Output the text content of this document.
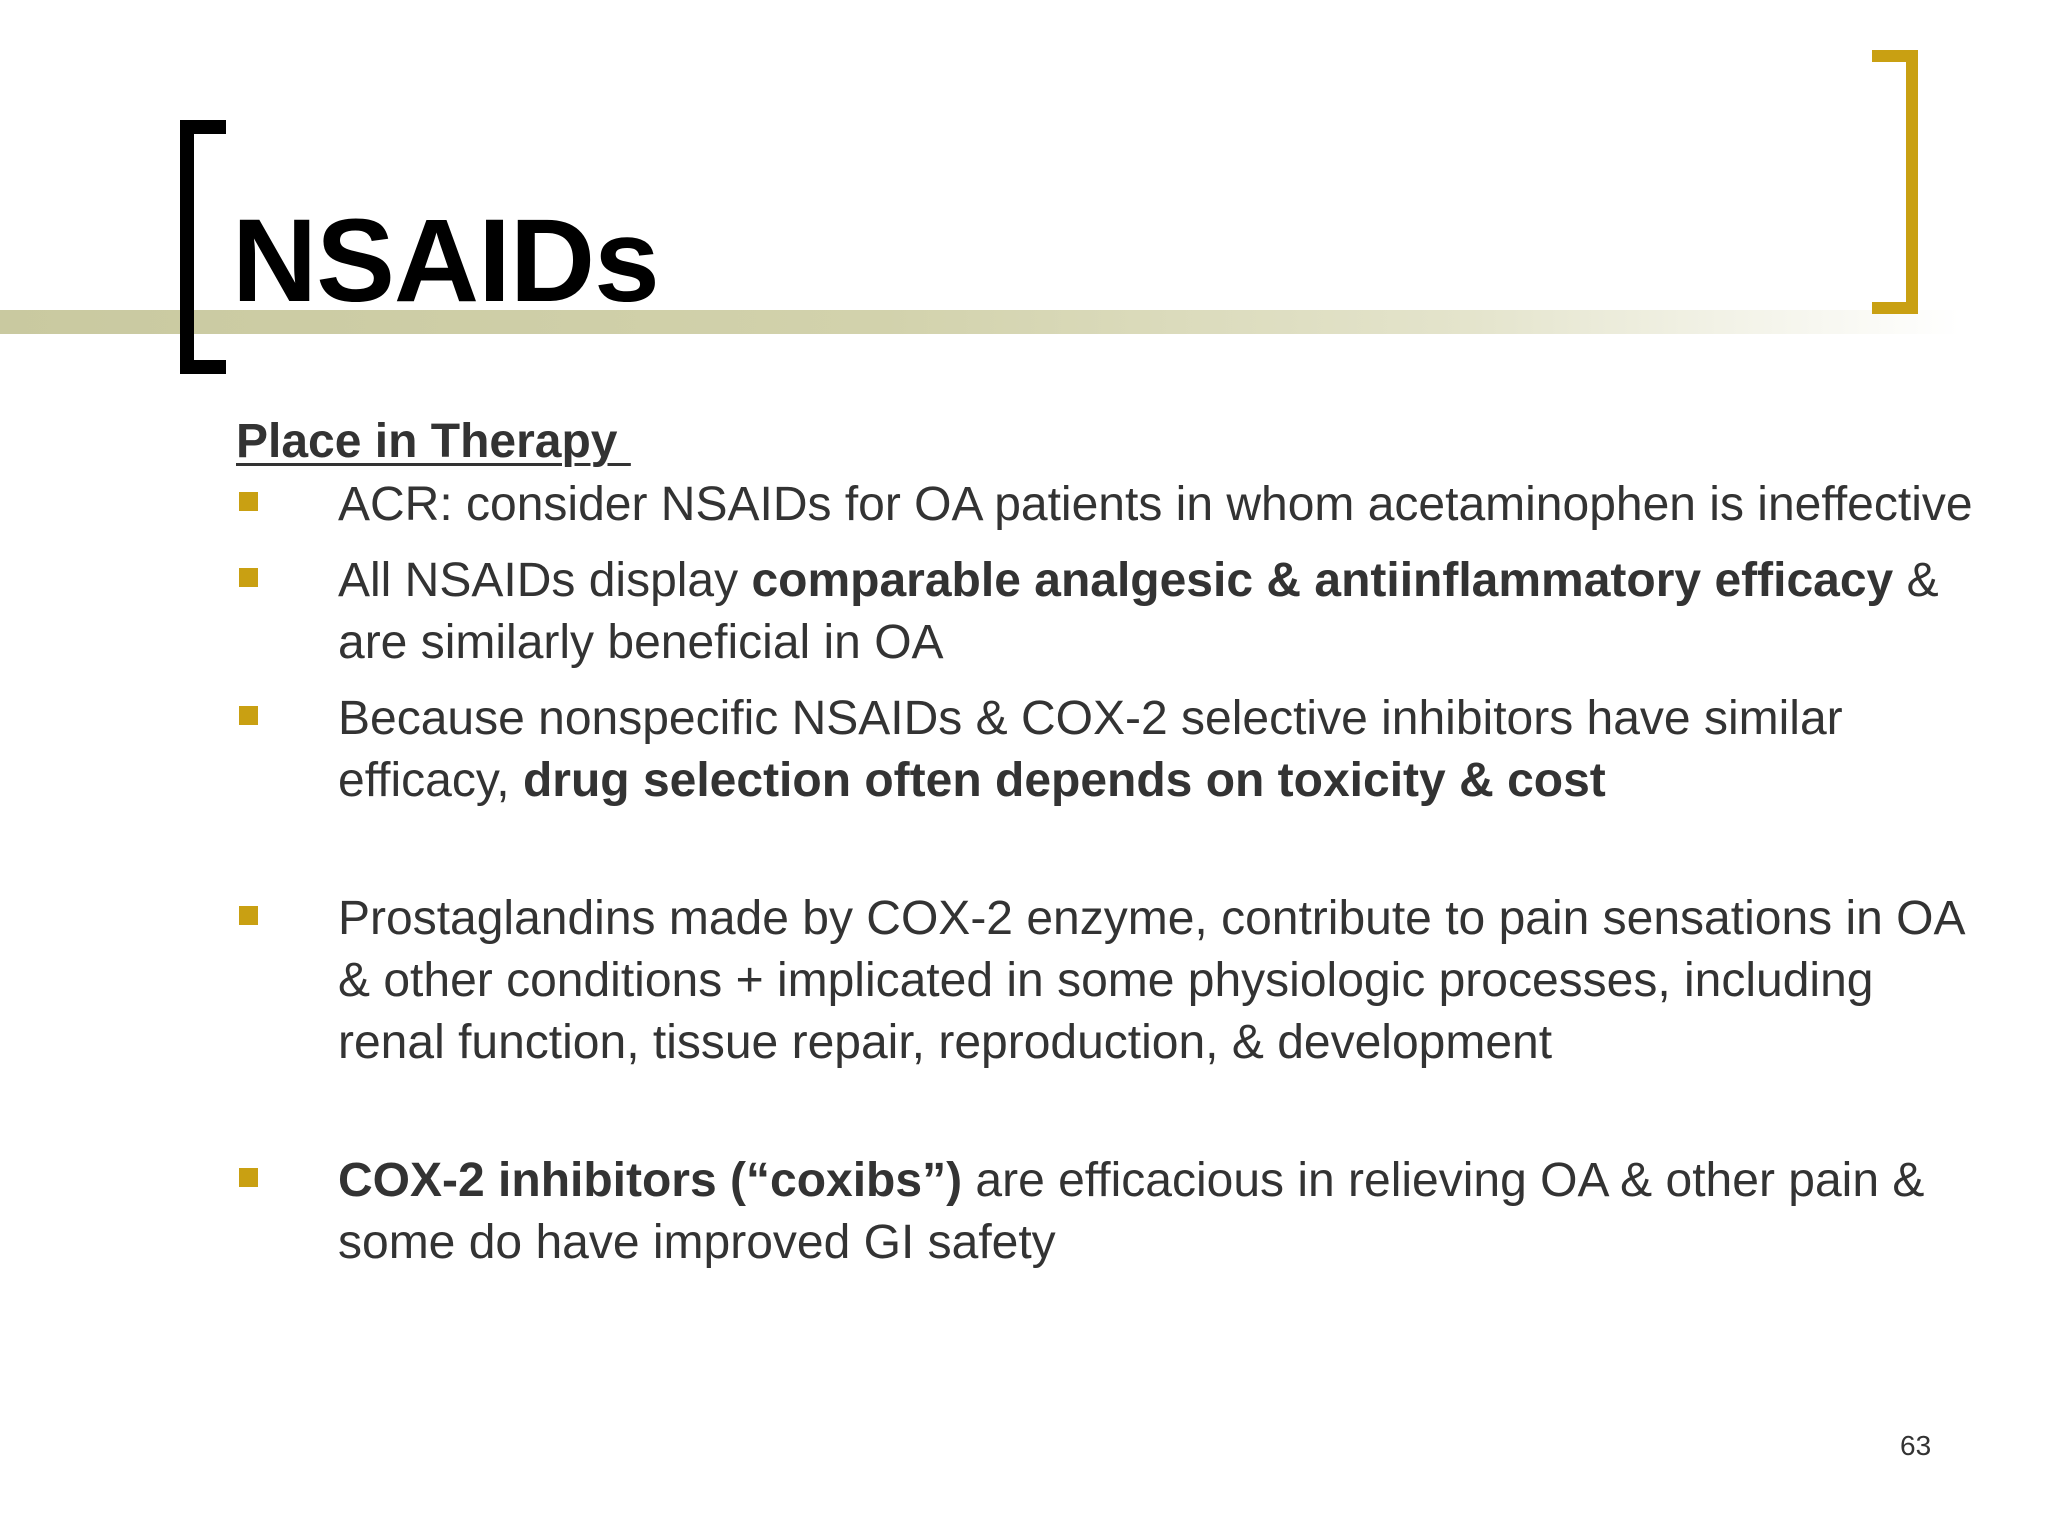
NSAIDs
Place in Therapy
ACR: consider NSAIDs for OA patients in whom acetaminophen is ineffective
All NSAIDs display comparable analgesic & antiinflammatory efficacy & are similarly beneficial in OA
Because nonspecific NSAIDs & COX-2 selective inhibitors have similar efficacy, drug selection often depends on toxicity & cost
Prostaglandins made by COX-2 enzyme, contribute to pain sensations in OA & other conditions + implicated in some physiologic processes, including renal function, tissue repair, reproduction, & development
COX-2 inhibitors (“coxibs”) are efficacious in relieving OA & other pain & some do have improved GI safety
63
